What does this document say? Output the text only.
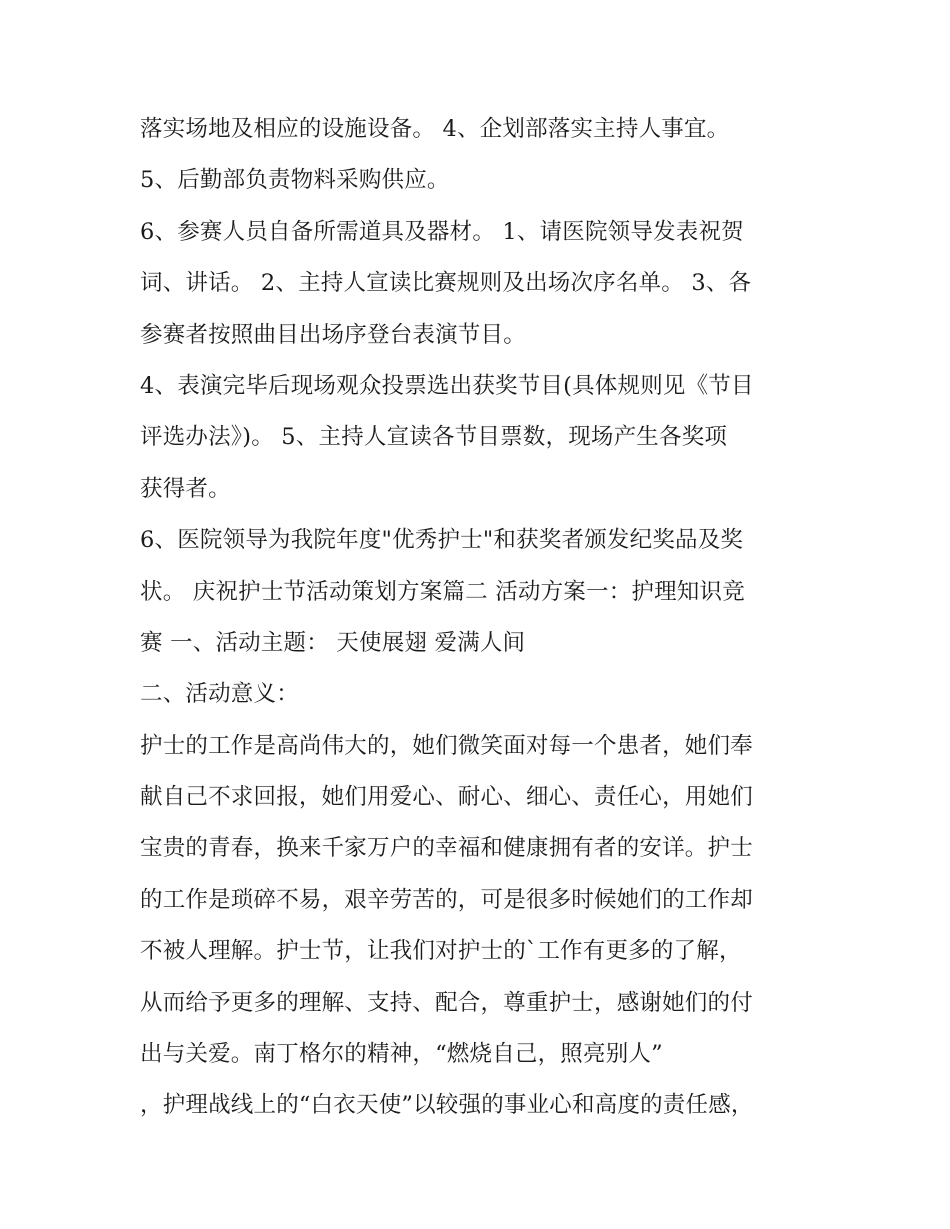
落实场地及相应的设施设备。 4、企划部落实主持人事宜。
5、后勤部负责物料采购供应。
6、参赛人员自备所需道具及器材。 1、请医院领导发表祝贺
词、讲话。 2、主持人宣读比赛规则及出场次序名单。 3、各
参赛者按照曲目出场序登台表演节目。
4、表演完毕后现场观众投票选出获奖节目(具体规则见《节目
评选办法》)。 5、主持人宣读各节目票数，现场产生各奖项
获得者。
6、医院领导为我院年度"优秀护士"和获奖者颁发纪奖品及奖
状。 庆祝护士节活动策划方案篇二 活动方案一：护理知识竞
赛 一、活动主题： 天使展翅 爱满人间
二、活动意义：
护士的工作是高尚伟大的，她们微笑面对每一个患者，她们奉
献自己不求回报，她们用爱心、耐心、细心、责任心，用她们
宝贵的青春，换来千家万户的幸福和健康拥有者的安详。护士
的工作是琐碎不易，艰辛劳苦的，可是很多时候她们的工作却
不被人理解。护士节，让我们对护士的`工作有更多的了解，
从而给予更多的理解、支持、配合，尊重护士，感谢她们的付
出与关爱。南丁格尔的精神，“燃烧自己，照亮别人”
，护理战线上的“白衣天使”以较强的事业心和高度的责任感，
